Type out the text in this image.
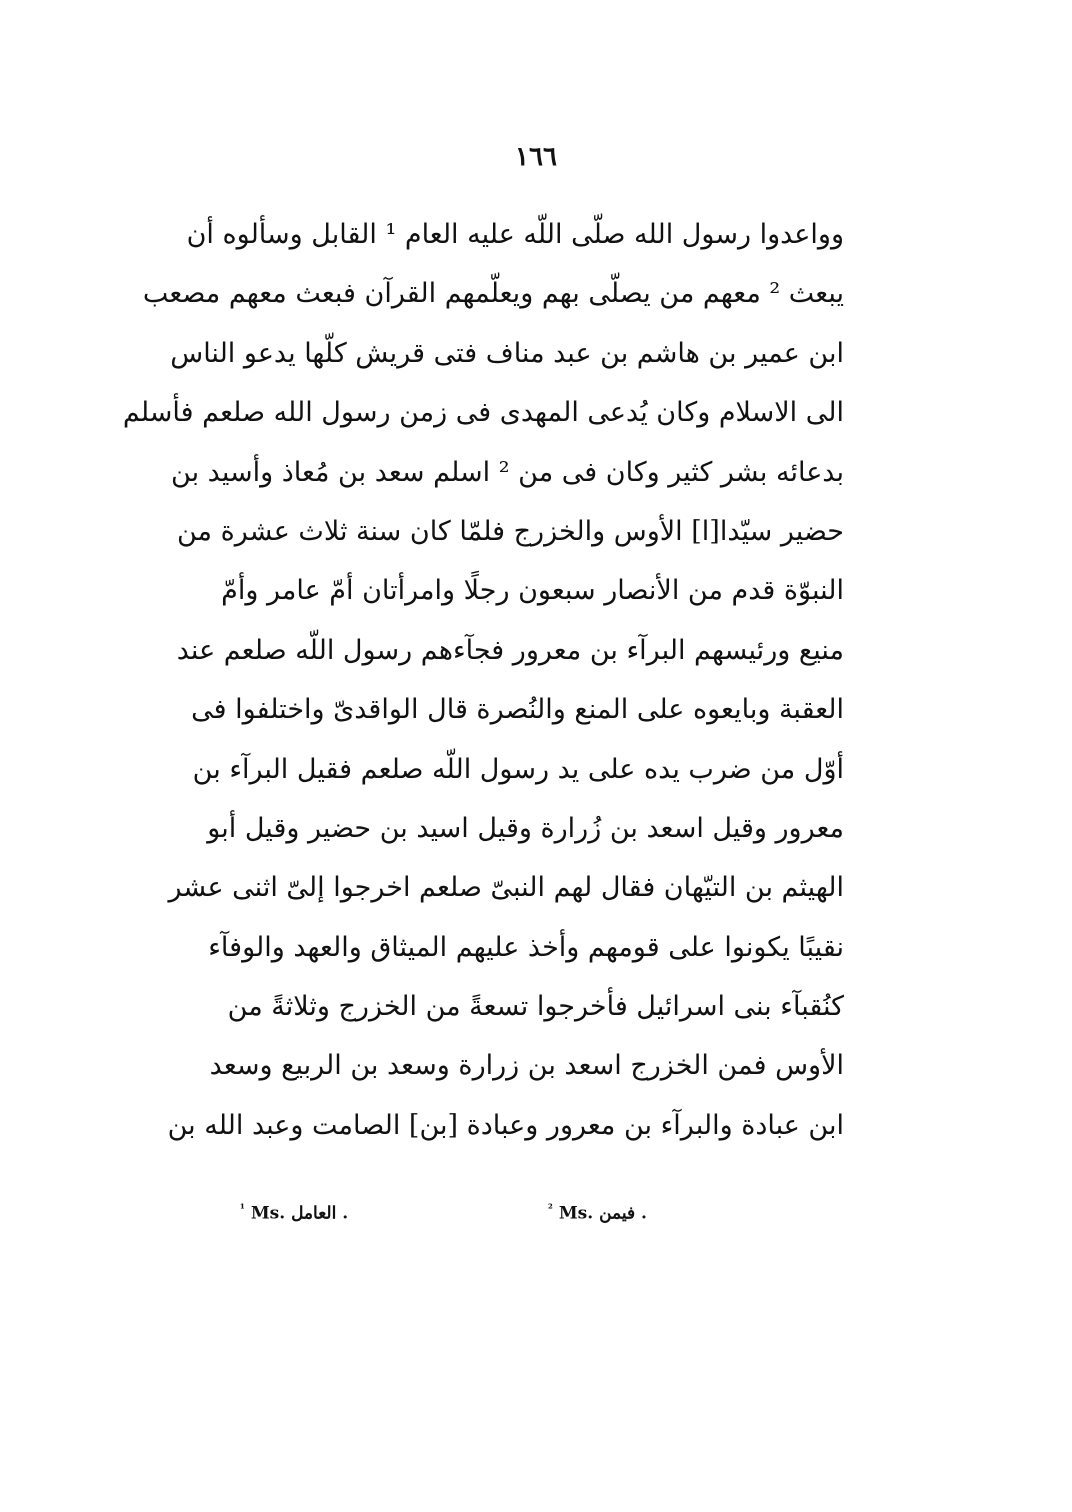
١٦٦
وواعدوا رسول الله صلّى اللّه عليه العام ¹ القابل وسألوه أن
يبعث ² معهم من يصلّى بهم ويعلّمهم القرآن فبعث معهم مصعب
ابن عمير بن هاشم بن عبد مناف فتى قريش كلّها يدعو الناس
الى الاسلام وكان يُدعى المهدى فى زمن رسول الله صلعم فأسلم
بدعائه بشر كثير وكان فى من ² اسلم سعد بن مُعاذ وأسيد بن
حضير سيّدا[ا] الأوس والخزرج فلمّا كان سنة ثلاث عشرة من
النبوّة قدم من الأنصار سبعون رجلًا وامرأتان أمّ عامر وأمّ
منيع ورئيسهم البرآء بن معرور فجآءهم رسول اللّه صلعم عند
العقبة وبايعوه على المنع والنُصرة قال الواقدىّ واختلفوا فى
أوّل من ضرب يده على يد رسول اللّه صلعم فقيل البرآء بن
معرور وقيل اسعد بن زُرارة وقيل اسيد بن حضير وقيل أبو
الهيثم بن التيّهان فقال لهم النبىّ صلعم اخرجوا إلىّ اثنى عشر
نقيبًا يكونوا على قومهم وأخذ عليهم الميثاق والعهد والوفآء
كنُقبآء بنى اسرائيل فأخرجوا تسعةً من الخزرج وثلاثةً من
الأوس فمن الخزرج اسعد بن زرارة وسعد بن الربيع وسعد
ابن عبادة والبرآء بن معرور وعبادة [بن] الصامت وعبد الله بن
$^{^1}$ Ms. العامل .	$^{^2}$ Ms. فيمن .
